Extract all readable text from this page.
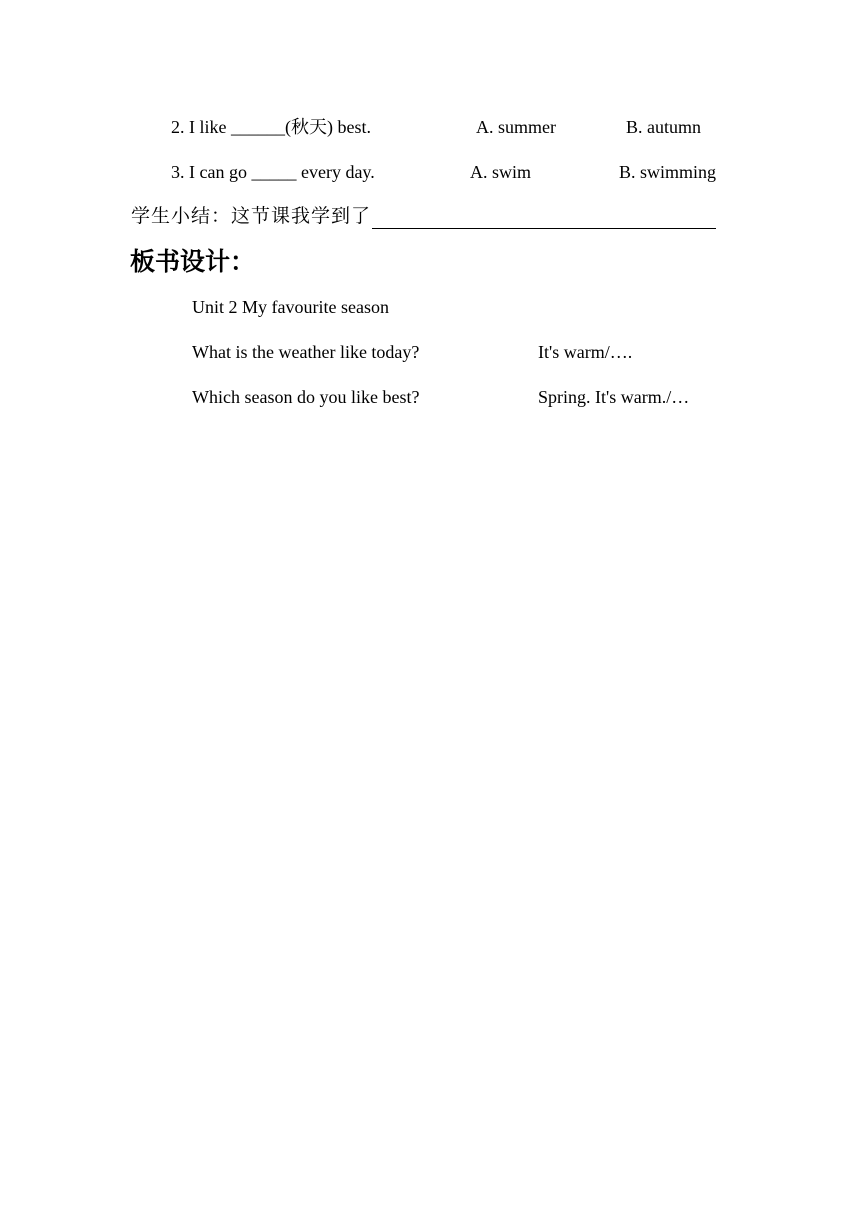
2. I like ______(秋天) best.	A. summer	B. autumn
3. I can go _____ every day.	A. swim	B. swimming
学生小结：这节课我学到了
板书设计：
Unit 2 My favourite season
What is the weather like today?	It's warm/….
Which season do you like best?	Spring. It's warm./…
